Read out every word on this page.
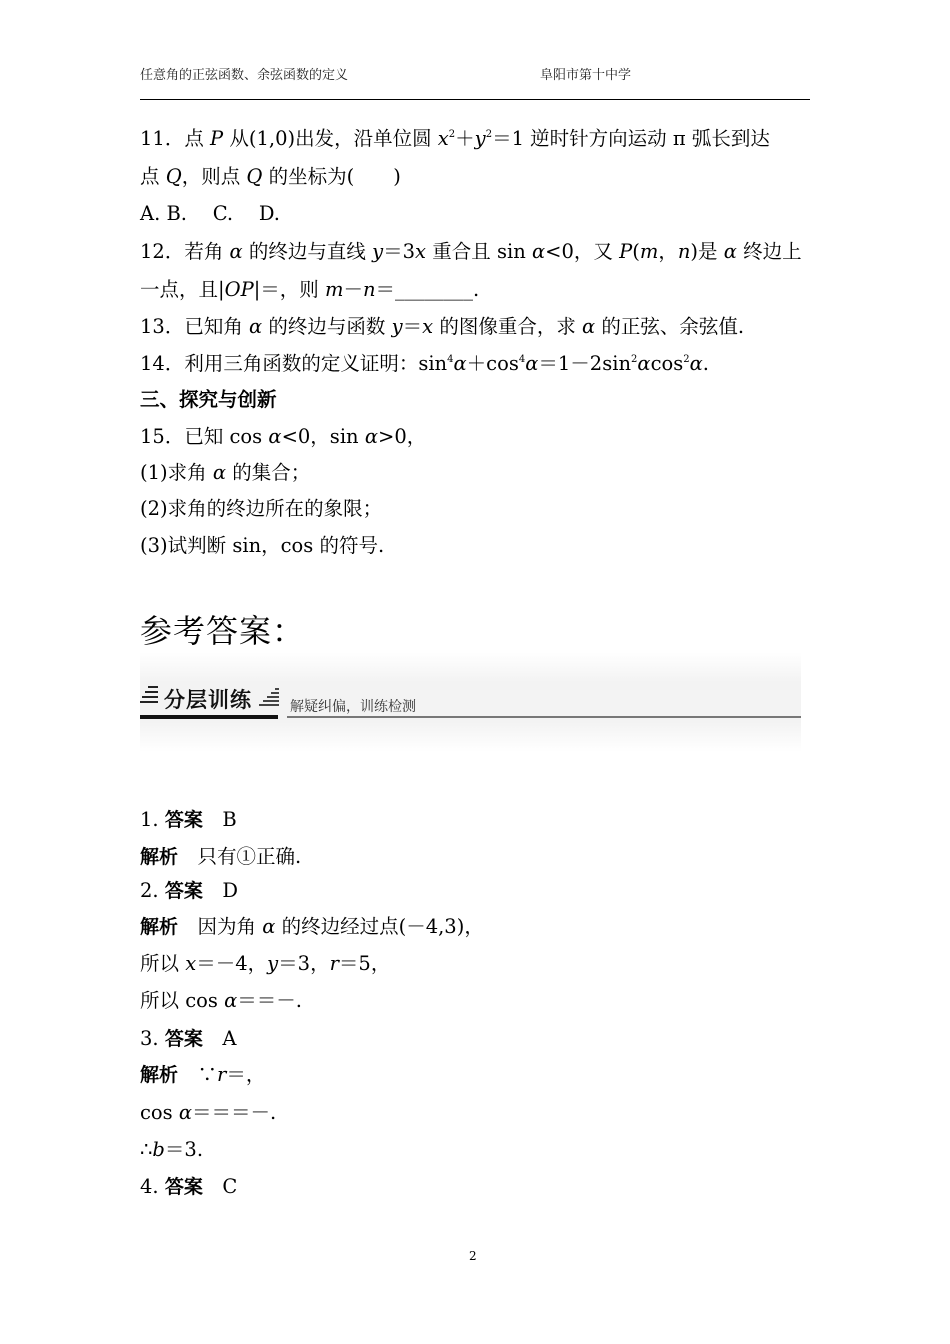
任意角的正弦函数、余弦函数的定义	阜阳市第十中学
11．点 P 从(1,0)出发，沿单位圆 $x^2+y^2=1$ 逆时针方向运动 π 弧长到达
点 Q，则点 Q 的坐标为(　　)
A. B.　 C.　 D.
12．若角 α 的终边与直线 y＝3x 重合且 sin α<0，又 P(m，n)是 α 终边上
一点，且|OP|＝，则 m－n＝________.
13．已知角 α 的终边与函数 y＝x 的图像重合，求 α 的正弦、余弦值.
14．利用三角函数的定义证明：$\sin^4\alpha+\cos^4\alpha=1-2\sin^2\alpha\cos^2\alpha$.
三、探究与创新
15．已知 cos α<0，sin α>0，
(1)求角 α 的集合；
(2)求角的终边所在的象限；
(3)试判断 sin，cos 的符号.
参考答案：
分层训练	解疑纠偏，训练检测
1. 答案　B
解析　只有①正确.
2. 答案　D
解析　因为角 α 的终边经过点(－4,3)，
所以 x＝－4，y＝3，r＝5，
所以 cos α＝＝－.
3. 答案　A
解析　∵r＝，
cos α＝＝＝－.
∴b＝3.
4. 答案　C
2
